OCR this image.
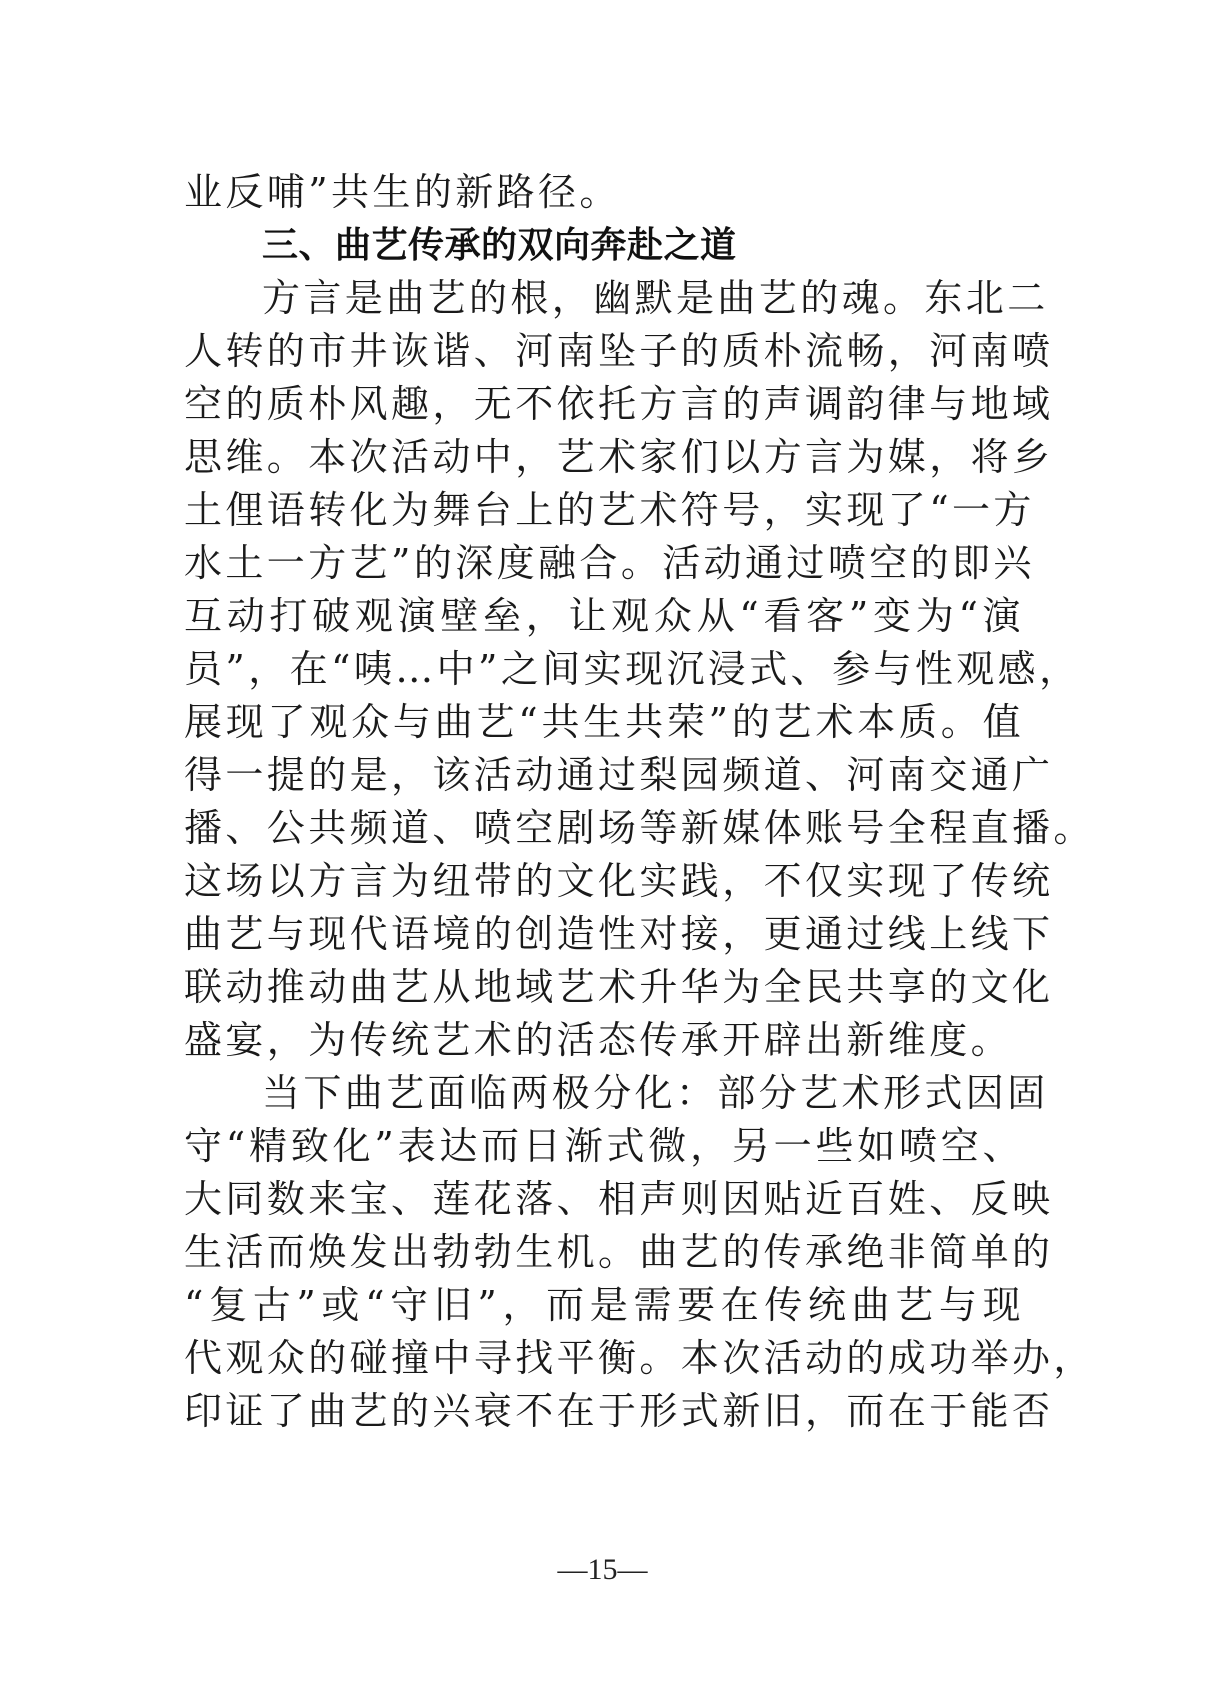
业反哺”共生的新路径。
三、曲艺传承的双向奔赴之道
方言是曲艺的根，幽默是曲艺的魂。东北二
人转的市井诙谐、河南坠子的质朴流畅，河南喷
空的质朴风趣，无不依托方言的声调韵律与地域
思维。本次活动中，艺术家们以方言为媒，将乡
土俚语转化为舞台上的艺术符号，实现了“一方
水土一方艺”的深度融合。活动通过喷空的即兴
互动打破观演壁垒，让观众从“看客”变为“演
员”，在“咦…中”之间实现沉浸式、参与性观感，
展现了观众与曲艺“共生共荣”的艺术本质。值
得一提的是，该活动通过梨园频道、河南交通广
播、公共频道、喷空剧场等新媒体账号全程直播。
这场以方言为纽带的文化实践，不仅实现了传统
曲艺与现代语境的创造性对接，更通过线上线下
联动推动曲艺从地域艺术升华为全民共享的文化
盛宴，为传统艺术的活态传承开辟出新维度。
当下曲艺面临两极分化：部分艺术形式因固
守“精致化”表达而日渐式微，另一些如喷空、
大同数来宝、莲花落、相声则因贴近百姓、反映
生活而焕发出勃勃生机。曲艺的传承绝非简单的
“复古”或“守旧”，而是需要在传统曲艺与现
代观众的碰撞中寻找平衡。本次活动的成功举办，
印证了曲艺的兴衰不在于形式新旧，而在于能否
—15—
